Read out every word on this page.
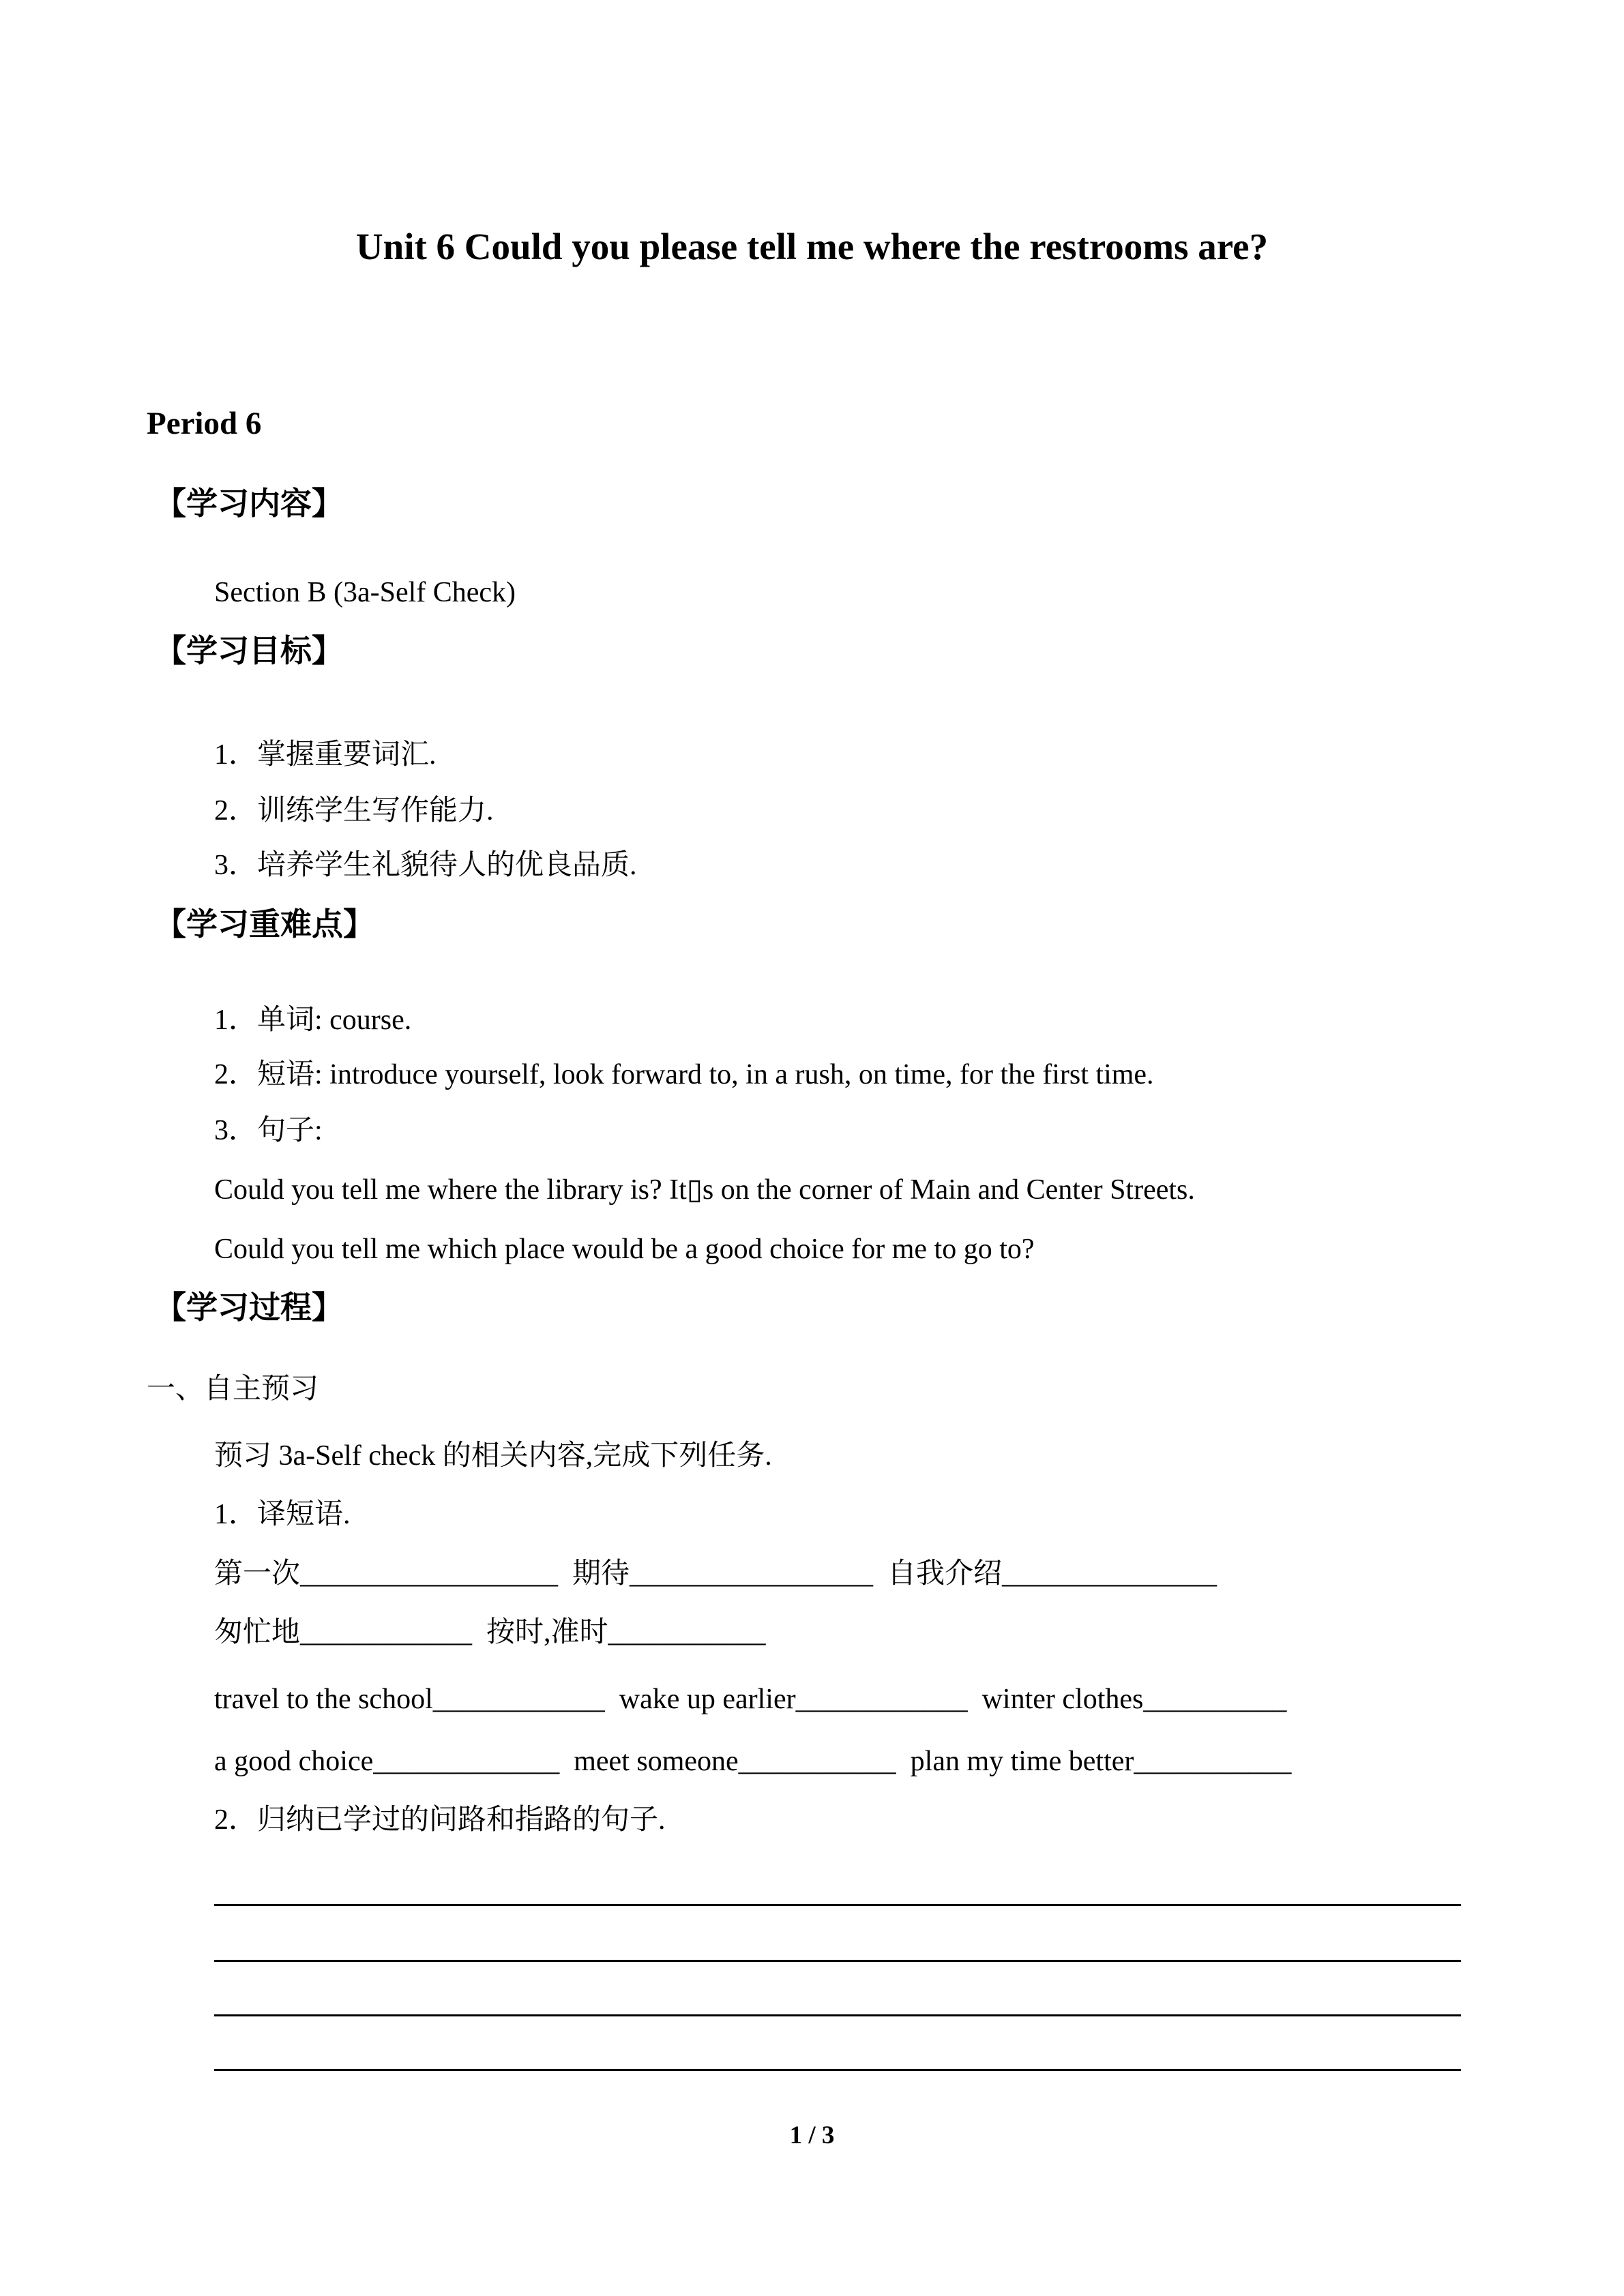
Unit 6 Could you please tell me where the restrooms are?
Period 6
【学习内容】
Section B (3a-Self Check)
【学习目标】
1．掌握重要词汇.
2．训练学生写作能力.
3．培养学生礼貌待人的优良品质.
【学习重难点】
1．单词: course.
2．短语: introduce yourself, look forward to, in a rush, on time, for the first time.
3．句子:
Could you tell me where the library is? It▯s on the corner of Main and Center Streets.
Could you tell me which place would be a good choice for me to go to?
【学习过程】
一、自主预习
预习 3a-Self check 的相关内容,完成下列任务.
1．译短语.
第一次__________________  期待_________________  自我介绍_______________
匆忙地____________  按时,准时___________
travel to the school____________  wake up earlier____________  winter clothes__________
a good choice_____________  meet someone___________  plan my time better___________
2．归纳已学过的问路和指路的句子.
1 / 3
